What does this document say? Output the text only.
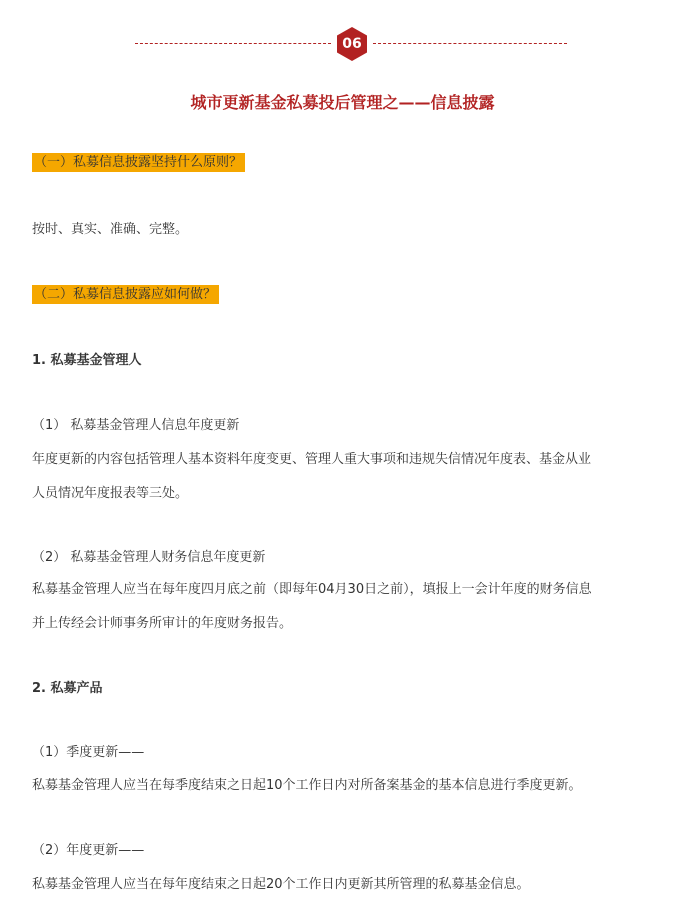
06
城市更新基金私募投后管理之——信息披露
（一）私募信息披露坚持什么原则？
按时、真实、准确、完整。
（二）私募信息披露应如何做？
1. 私募基金管理人
（1） 私募基金管理人信息年度更新
年度更新的内容包括管理人基本资料年度变更、管理人重大事项和违规失信情况年度表、基金从业
人员情况年度报表等三处。
（2） 私募基金管理人财务信息年度更新
私募基金管理人应当在每年度四月底之前（即每年04月30日之前），填报上一会计年度的财务信息
并上传经会计师事务所审计的年度财务报告。
2. 私募产品
（1）季度更新——
私募基金管理人应当在每季度结束之日起10个工作日内对所备案基金的基本信息进行季度更新。
（2）年度更新——
私募基金管理人应当在每年度结束之日起20个工作日内更新其所管理的私募基金信息。
